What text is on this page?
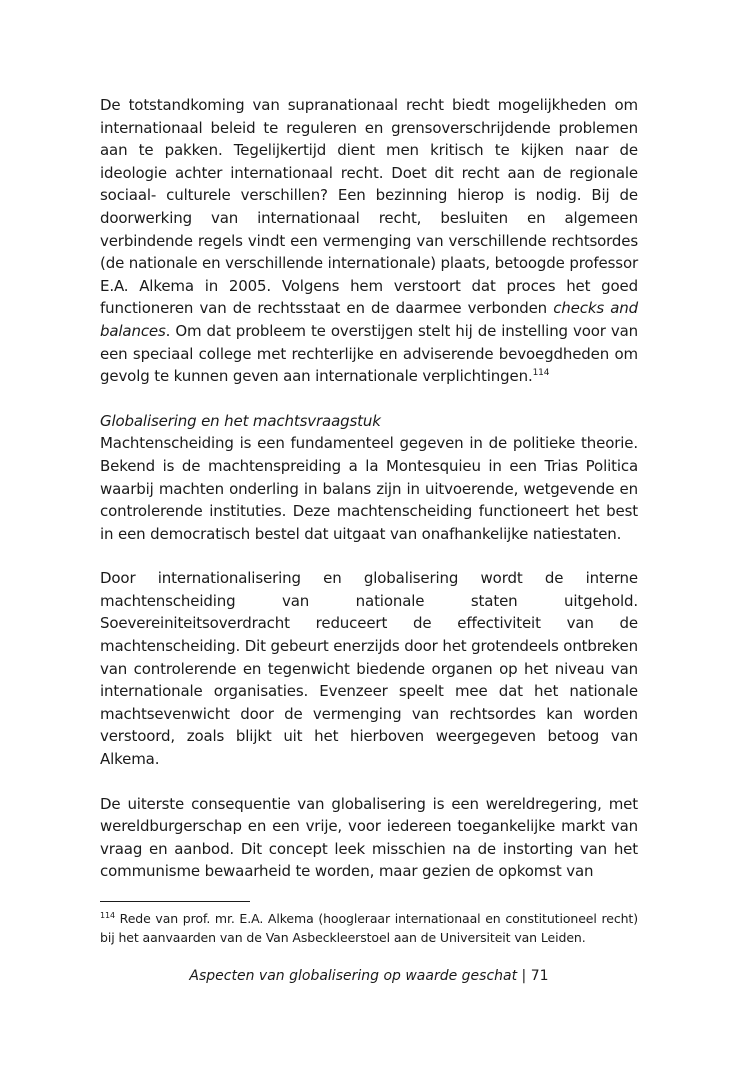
De totstandkoming van supranationaal recht biedt mogelijkheden om internationaal beleid te reguleren en grensoverschrijdende problemen aan te pakken. Tegelijkertijd dient men kritisch te kijken naar de ideologie achter internationaal recht. Doet dit recht aan de regionale sociaal- culturele verschillen? Een bezinning hierop is nodig. Bij de doorwerking van internationaal recht, besluiten en algemeen verbindende regels vindt een vermenging van verschillende rechtsordes (de nationale en verschillende internationale) plaats, betoogde professor E.A. Alkema in 2005. Volgens hem verstoort dat proces het goed functioneren van de rechtsstaat en de daarmee verbonden checks and balances. Om dat probleem te overstijgen stelt hij de instelling voor van een speciaal college met rechterlijke en adviserende bevoegdheden om gevolg te kunnen geven aan internationale verplichtingen.$^{114}$

Globalisering en het machtsvraagstuk

Machtenscheiding is een fundamenteel gegeven in de politieke theorie. Bekend is de machtenspreiding a la Montesquieu in een Trias Politica waarbij machten onderling in balans zijn in uitvoerende, wetgevende en controlerende instituties. Deze machtenscheiding functioneert het best in een democratisch bestel dat uitgaat van onafhankelijke natiestaten.

Door internationalisering en globalisering wordt de interne machtenscheiding van nationale staten uitgehold. Soevereiniteitsoverdracht reduceert de effectiviteit van de machtenscheiding. Dit gebeurt enerzijds door het grotendeels ontbreken van controlerende en tegenwicht biedende organen op het niveau van internationale organisaties. Evenzeer speelt mee dat het nationale machtsevenwicht door de vermenging van rechtsordes kan worden verstoord, zoals blijkt uit het hierboven weergegeven betoog van Alkema.

De uiterste consequentie van globalisering is een wereldregering, met wereldburgerschap en een vrije, voor iedereen toegankelijke markt van vraag en aanbod. Dit concept leek misschien na de instorting van het communisme bewaarheid te worden, maar gezien de opkomst van

$^{114}$ Rede van prof. mr. E.A. Alkema (hoogleraar internationaal en constitutioneel recht) bij het aanvaarden van de Van Asbeckleerstoel aan de Universiteit van Leiden.

Aspecten van globalisering op waarde geschat | 71
